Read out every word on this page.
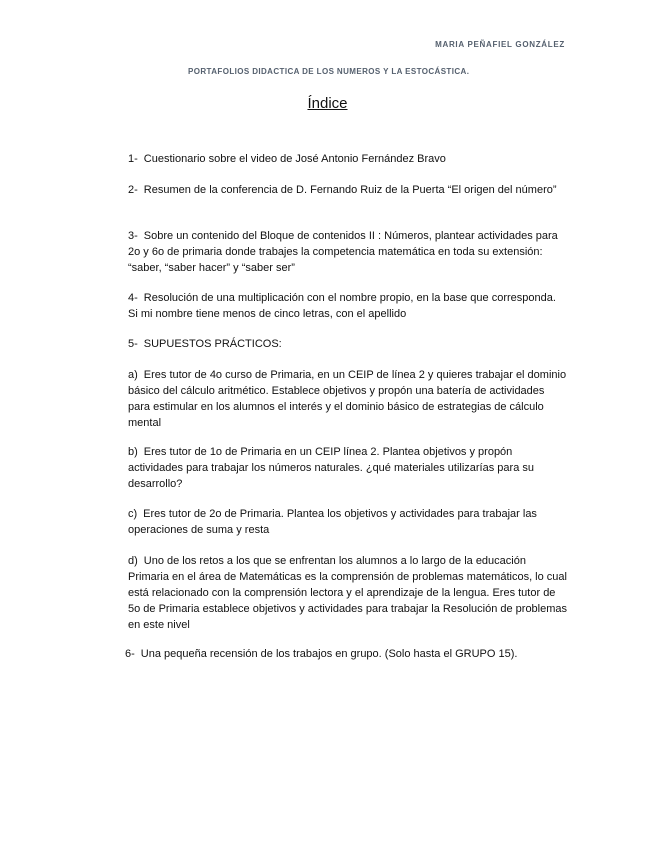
MARIA PEÑAFIEL GONZÁLEZ
PORTAFOLIOS DIDACTICA DE LOS NUMEROS Y LA ESTOCÁSTICA.
Índice
1- Cuestionario sobre el video de José Antonio Fernández Bravo
2- Resumen de la conferencia de D. Fernando Ruiz de la Puerta “El origen del número”
3- Sobre un contenido del Bloque de contenidos II : Números, plantear actividades para 2o y 6o de primaria donde trabajes la competencia matemática en toda su extensión: “saber, “saber hacer” y “saber ser”
4- Resolución de una multiplicación con el nombre propio, en la base que corresponda. Si mi nombre tiene menos de cinco letras, con el apellido
5- SUPUESTOS PRÁCTICOS:
a) Eres tutor de 4o curso de Primaria, en un CEIP de línea 2 y quieres trabajar el dominio básico del cálculo aritmético. Establece objetivos y propón una batería de actividades para estimular en los alumnos el interés y el dominio básico de estrategias de cálculo mental
b) Eres tutor de 1o de Primaria en un CEIP línea 2. Plantea objetivos y propón actividades para trabajar los números naturales. ¿qué materiales utilizarías para su desarrollo?
c) Eres tutor de 2o de Primaria. Plantea los objetivos y actividades para trabajar las operaciones de suma y resta
d) Uno de los retos a los que se enfrentan los alumnos a lo largo de la educación Primaria en el área de Matemáticas es la comprensión de problemas matemáticos, lo cual está relacionado con la comprensión lectora y el aprendizaje de la lengua. Eres tutor de 5o de Primaria establece objetivos y actividades para trabajar la Resolución de problemas en este nivel
6- Una pequeña recensión de los trabajos en grupo. (Solo hasta el GRUPO 15).
